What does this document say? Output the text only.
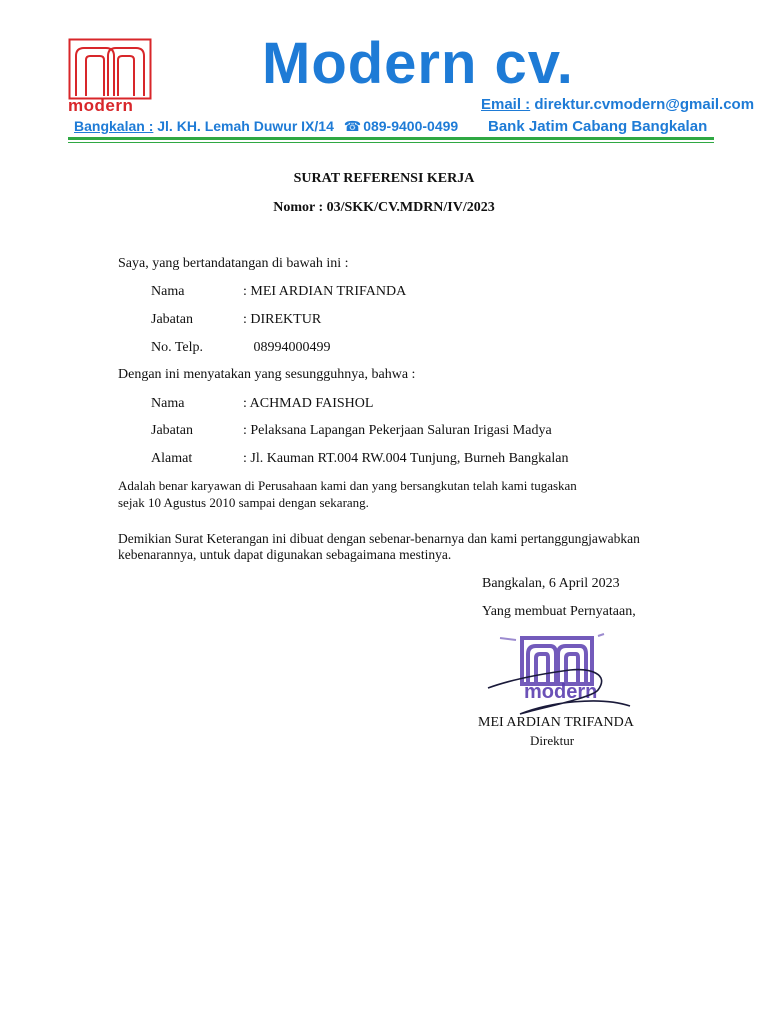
modern
Modern cv.
Email : direktur.cvmodern@gmail.com
Bangkalan : Jl. KH. Lemah Duwur IX/14 ☎ 089-9400-0499 Bank Jatim Cabang Bangkalan
SURAT REFERENSI KERJA
Nomor : 03/SKK/CV.MDRN/IV/2023
Saya, yang bertandatangan di bawah ini :
Nama	: MEI ARDIAN TRIFANDA
Jabatan	: DIREKTUR
No. Telp.	08994000499
Dengan ini menyatakan yang sesungguhnya, bahwa :
Nama	: ACHMAD FAISHOL
Jabatan	: Pelaksana Lapangan Pekerjaan Saluran Irigasi Madya
Alamat	: Jl. Kauman RT.004 RW.004 Tunjung, Burneh Bangkalan
Adalah benar karyawan di Perusahaan kami dan yang bersangkutan telah kami tugaskan
sejak 10 Agustus 2010 sampai dengan sekarang.
Demikian Surat Keterangan ini dibuat dengan sebenar-benarnya dan kami pertanggungjawabkan
kebenarannya, untuk dapat digunakan sebagaimana mestinya.
Bangkalan, 6 April 2023
Yang membuat Pernyataan,
modern
MEI ARDIAN TRIFANDA
Direktur
